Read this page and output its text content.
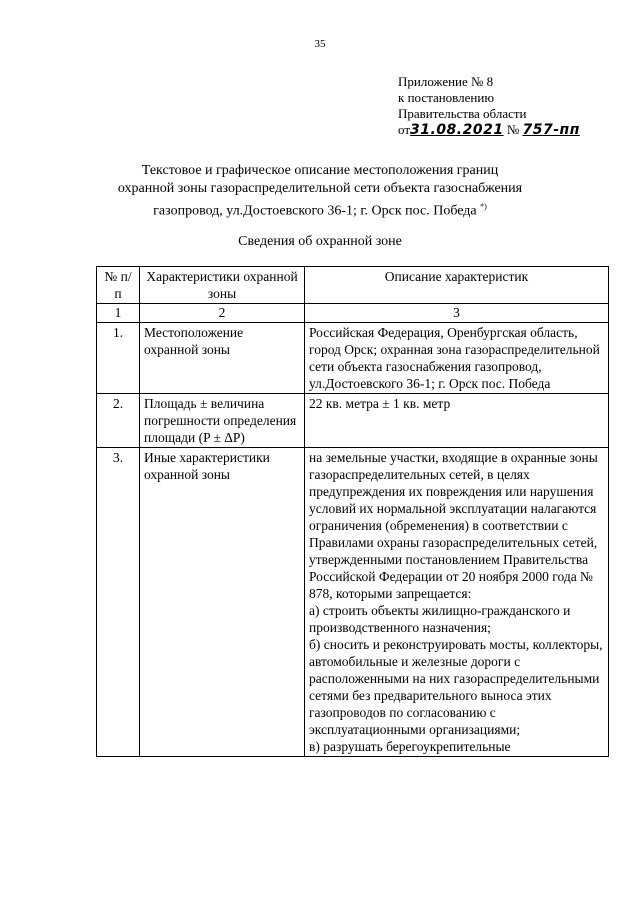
35
Приложение № 8
к постановлению
Правительства области
от31.08.2021 № 757-пп
Текстовое и графическое описание местоположения границ
охранной зоны газораспределительной сети объекта газоснабжения
газопровод, ул.Достоевского 36-1; г. Орск пос. Победа *)
Сведения об охранной зоне
№ п/п	Характеристики охранной зоны	Описание характеристик
1	2	3
1.	Местоположение охранной зоны	Российская Федерация, Оренбургская область, город Орск; охранная зона газораспределительной сети объекта газоснабжения газопровод, ул.Достоевского 36-1; г. Орск пос. Победа
2.	Площадь ± величина погрешности определения площади (P ± ΔP)	22 кв. метра ± 1 кв. метр
3.	Иные характеристики охранной зоны	на земельные участки, входящие в охранные зоны газораспределительных сетей, в целях предупреждения их повреждения или нарушения условий их нормальной эксплуатации налагаются ограничения (обременения) в соответствии с Правилами охраны газораспределительных сетей, утвержденными постановлением Правительства Российской Федерации от 20 ноября 2000 года № 878, которыми запрещается:
а) строить объекты жилищно-гражданского и производственного назначения;
б) сносить и реконструировать мосты, коллекторы, автомобильные и железные дороги с расположенными на них газораспределительными сетями без предварительного выноса этих газопроводов по согласованию с эксплуатационными организациями;
в) разрушать берегоукрепительные
